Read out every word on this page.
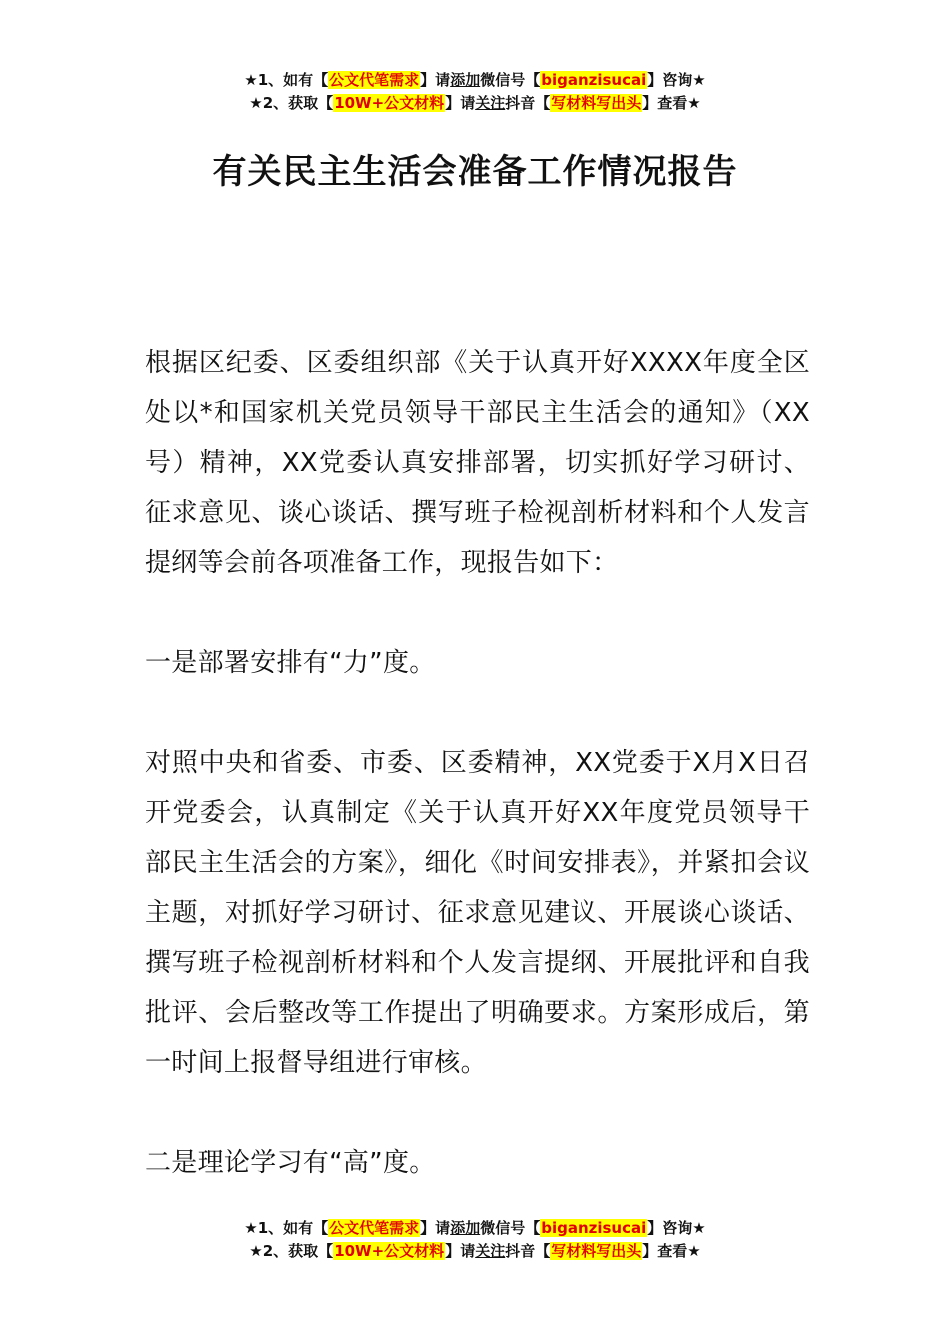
★1、如有【公文代笔需求】请添加微信号【biganzisucai】咨询★
★2、获取【10W+公文材料】请关注抖音【写材料写出头】查看★
有关民主生活会准备工作情况报告

根据区纪委、区委组织部《关于认真开好XXXX年度全区处以*和国家机关党员领导干部民主生活会的通知》（XX号）精神，XX党委认真安排部署，切实抓好学习研讨、征求意见、谈心谈话、撰写班子检视剖析材料和个人发言提纲等会前各项准备工作，现报告如下：

一是部署安排有“力”度。

对照中央和省委、市委、区委精神，XX党委于X月X日召开党委会，认真制定《关于认真开好XX年度党员领导干部民主生活会的方案》，细化《时间安排表》，并紧扣会议主题，对抓好学习研讨、征求意见建议、开展谈心谈话、撰写班子检视剖析材料和个人发言提纲、开展批评和自我批评、会后整改等工作提出了明确要求。方案形成后，第一时间上报督导组进行审核。

二是理论学习有“高”度。

★1、如有【公文代笔需求】请添加微信号【biganzisucai】咨询★
★2、获取【10W+公文材料】请关注抖音【写材料写出头】查看★
